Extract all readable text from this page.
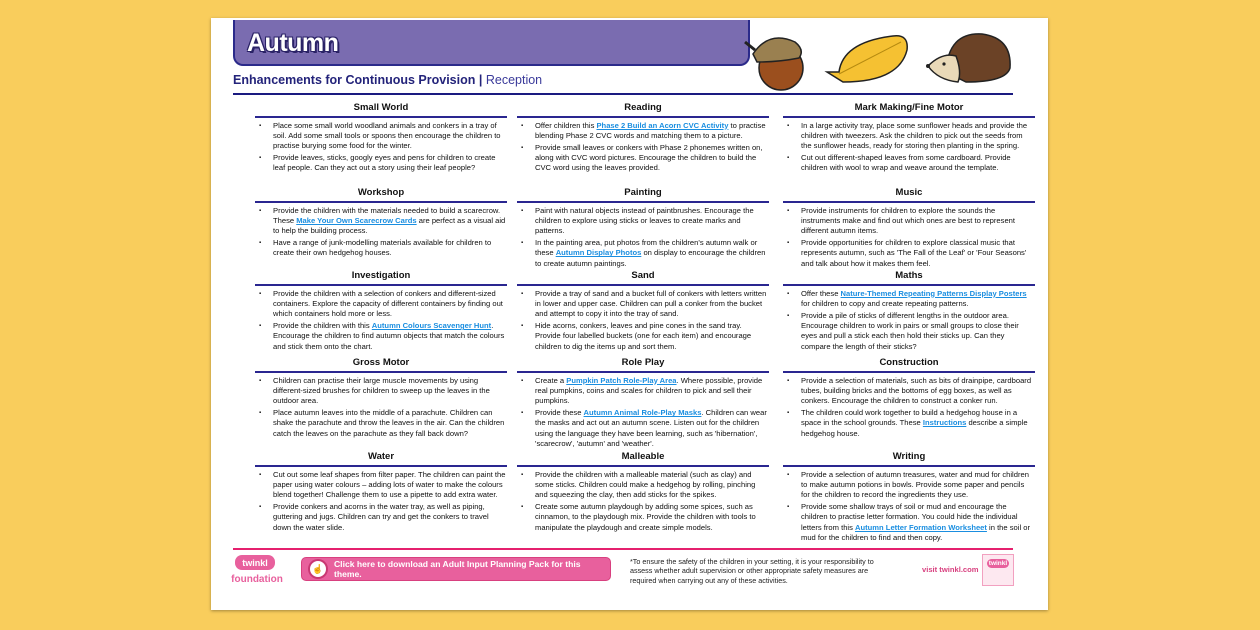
Autumn
Enhancements for Continuous Provision | Reception
Small World
▪ Place some small world woodland animals and conkers in a tray of soil. Add some small tools or spoons then encourage the children to practise burying some food for the winter.
▪ Provide leaves, sticks, googly eyes and pens for children to create leaf people. Can they act out a story using their leaf people?
Workshop
▪ Provide the children with the materials needed to build a scarecrow. These Make Your Own Scarecrow Cards are perfect as a visual aid to help the building process.
▪ Have a range of junk-modelling materials available for children to create their own hedgehog houses.
Investigation
▪ Provide the children with a selection of conkers and different-sized containers. Explore the capacity of different containers by finding out which containers hold more or less.
▪ Provide the children with this Autumn Colours Scavenger Hunt. Encourage the children to find autumn objects that match the colours and stick them onto the chart.
Gross Motor
▪ Children can practise their large muscle movements by using different-sized brushes for children to sweep up the leaves in the outdoor area.
▪ Place autumn leaves into the middle of a parachute. Children can shake the parachute and throw the leaves in the air. Can the children catch the leaves on the parachute as they fall back down?
Water
▪ Cut out some leaf shapes from filter paper. The children can paint the paper using water colours – adding lots of water to make the colours blend together! Challenge them to use a pipette to add extra water.
▪ Provide conkers and acorns in the water tray, as well as piping, guttering and jugs. Children can try and get the conkers to travel down the water slide.
Reading
▪ Offer children this Phase 2 Build an Acorn CVC Activity to practise blending Phase 2 CVC words and matching them to a picture.
▪ Provide small leaves or conkers with Phase 2 phonemes written on, along with CVC word pictures. Encourage the children to build the CVC word using the leaves provided.
Painting
▪ Paint with natural objects instead of paintbrushes. Encourage the children to explore using sticks or leaves to create marks and patterns.
▪ In the painting area, put photos from the children's autumn walk or these Autumn Display Photos on display to encourage the children to create autumn paintings.
Sand
▪ Provide a tray of sand and a bucket full of conkers with letters written in lower and upper case. Children can pull a conker from the bucket and attempt to copy it into the tray of sand.
▪ Hide acorns, conkers, leaves and pine cones in the sand tray. Provide four labelled buckets (one for each item) and encourage children to dig the items up and sort them.
Role Play
▪ Create a Pumpkin Patch Role-Play Area. Where possible, provide real pumpkins, coins and scales for children to pick and sell their pumpkins.
▪ Provide these Autumn Animal Role-Play Masks. Children can wear the masks and act out an autumn scene. Listen out for the children using the language they have been learning, such as 'hibernation', 'scarecrow', 'autumn' and 'weather'.
Malleable
▪ Provide the children with a malleable material (such as clay) and some sticks. Children could make a hedgehog by rolling, pinching and squeezing the clay, then add sticks for the spikes.
▪ Create some autumn playdough by adding some spices, such as cinnamon, to the playdough mix. Provide the children with tools to manipulate the playdough and create simple models.
Mark Making/Fine Motor
▪ In a large activity tray, place some sunflower heads and provide the children with tweezers. Ask the children to pick out the seeds from the sunflower heads, ready for storing then planting in the spring.
▪ Cut out different-shaped leaves from some cardboard. Provide children with wool to wrap and weave around the template.
Music
▪ Provide instruments for children to explore the sounds the instruments make and find out which ones are best to represent different autumn items.
▪ Provide opportunities for children to explore classical music that represents autumn, such as 'The Fall of the Leaf' or 'Four Seasons' and talk about how it makes them feel.
Maths
▪ Offer these Nature-Themed Repeating Patterns Display Posters for children to copy and create repeating patterns.
▪ Provide a pile of sticks of different lengths in the outdoor area. Encourage children to work in pairs or small groups to close their eyes and pull a stick each then hold their sticks up. Can they compare the length of their sticks?
Construction
▪ Provide a selection of materials, such as bits of drainpipe, cardboard tubes, building bricks and the bottoms of egg boxes, as well as conkers. Encourage the children to construct a conker run.
▪ The children could work together to build a hedgehog house in a space in the school grounds. These Instructions describe a simple hedgehog house.
Writing
▪ Provide a selection of autumn treasures, water and mud for children to make autumn potions in bowls. Provide some paper and pencils for the children to record the ingredients they use.
▪ Provide some shallow trays of soil or mud and encourage the children to practise letter formation. You could hide the individual letters from this Autumn Letter Formation Worksheet in the soil or mud for the children to find and then copy.
twinkl
foundation
☝	Click here to download an Adult Input Planning Pack for this theme.
*To ensure the safety of the children in your setting, it is your responsibility to assess whether adult supervision or other appropriate safety measures are required when carrying out any of these activities.
visit twinkl.com
twinkl
